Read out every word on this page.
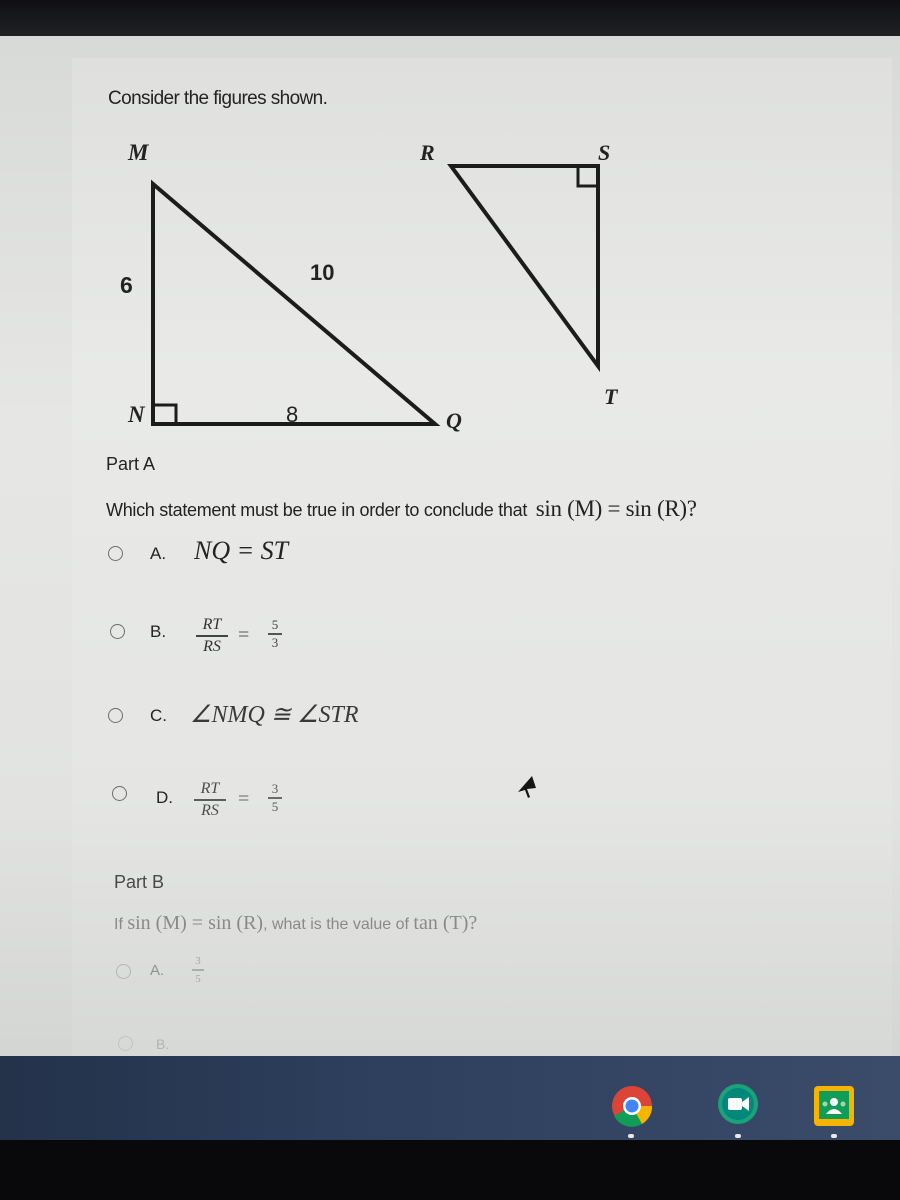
Consider the figures shown.
M
6	10
N	8	Q
R	S
T
Part A
Which statement must be true in order to conclude that sin (M) = sin (R)?
A. NQ = ST
B.	RT
RS = 5
3
C. ∠NMQ ≅ ∠STR
D.	RT
RS = 3
5
Part B
If sin (M) = sin (R), what is the value of tan (T)?
A.
3
5
B.
